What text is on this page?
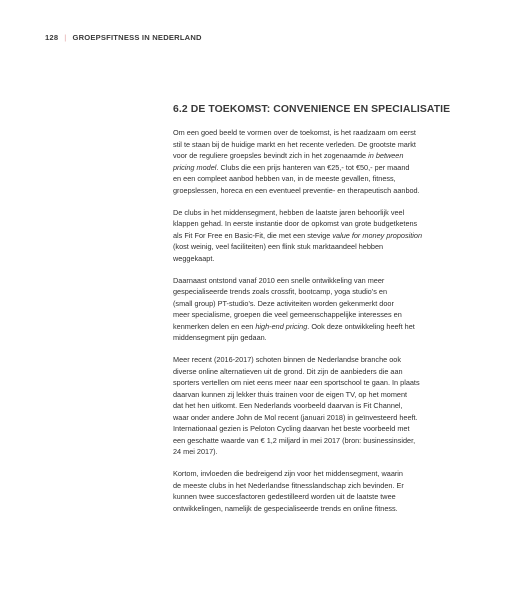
128 | GROEPSFITNESS IN NEDERLAND
6.2 DE TOEKOMST: CONVENIENCE EN SPECIALISATIE

Om een goed beeld te vormen over de toekomst, is het raadzaam om eerst
stil te staan bij de huidige markt en het recente verleden. De grootste markt
voor de reguliere groepsles bevindt zich in het zogenaamde in between
pricing model. Clubs die een prijs hanteren van €25,- tot €50,- per maand
en een compleet aanbod hebben van, in de meeste gevallen, fitness,
groepslessen, horeca en een eventueel preventie- en therapeutisch aanbod.

De clubs in het middensegment, hebben de laatste jaren behoorlijk veel
klappen gehad. In eerste instantie door de opkomst van grote budgetketens
als Fit For Free en Basic-Fit, die met een stevige value for money proposition
(kost weinig, veel faciliteiten) een flink stuk marktaandeel hebben
weggekaapt.

Daarnaast ontstond vanaf 2010 een snelle ontwikkeling van meer
gespecialiseerde trends zoals crossfit, bootcamp, yoga studio’s en
(small group) PT-studio’s. Deze activiteiten worden gekenmerkt door
meer specialisme, groepen die veel gemeenschappelijke interesses en
kenmerken delen en een high-end pricing. Ook deze ontwikkeling heeft het
middensegment pijn gedaan.

Meer recent (2016-2017) schoten binnen de Nederlandse branche ook
diverse online alternatieven uit de grond. Dit zijn de aanbieders die aan
sporters vertellen om niet eens meer naar een sportschool te gaan. In plaats
daarvan kunnen zij lekker thuis trainen voor de eigen TV, op het moment
dat het hen uitkomt. Een Nederlands voorbeeld daarvan is Fit Channel,
waar onder andere John de Mol recent (januari 2018) in geïnvesteerd heeft.
Internationaal gezien is Peloton Cycling daarvan het beste voorbeeld met
een geschatte waarde van € 1,2 miljard in mei 2017 (bron: businessinsider,
24 mei 2017).

Kortom, invloeden die bedreigend zijn voor het middensegment, waarin
de meeste clubs in het Nederlandse fitnesslandschap zich bevinden. Er
kunnen twee succesfactoren gedestilleerd worden uit de laatste twee
ontwikkelingen, namelijk de gespecialiseerde trends en online fitness.
